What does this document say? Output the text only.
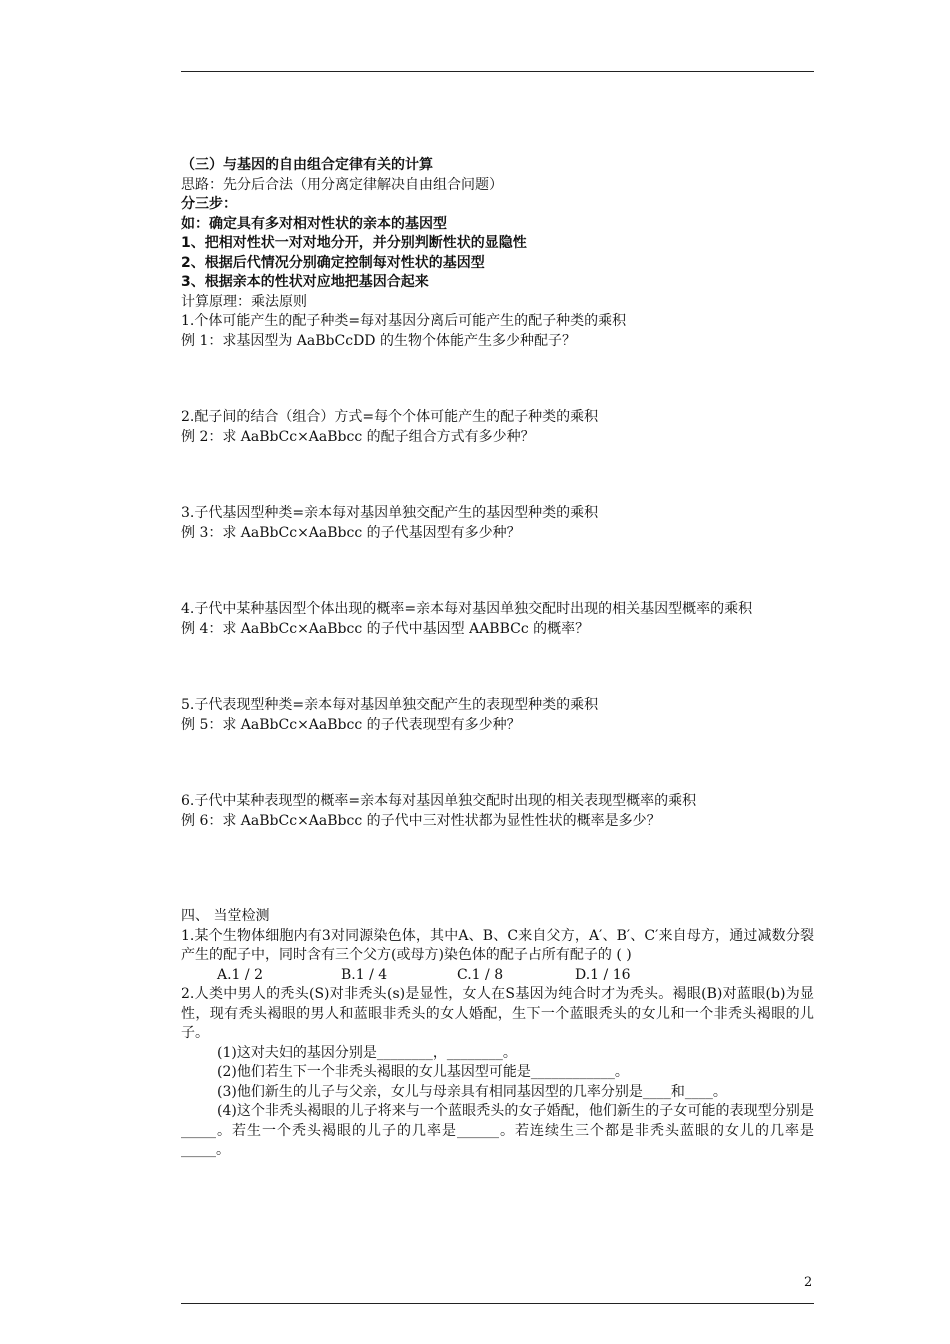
（三）与基因的自由组合定律有关的计算
思路：先分后合法（用分离定律解决自由组合问题）
分三步：
如：确定具有多对相对性状的亲本的基因型
1、把相对性状一对对地分开，并分别判断性状的显隐性
2、根据后代情况分别确定控制每对性状的基因型
3、根据亲本的性状对应地把基因合起来
计算原理：乘法原则
1.个体可能产生的配子种类=每对基因分离后可能产生的配子种类的乘积
例 1：求基因型为 AaBbCcDD 的生物个体能产生多少种配子？
2.配子间的结合（组合）方式=每个个体可能产生的配子种类的乘积
例 2：求 AaBbCc×AaBbcc 的配子组合方式有多少种？
3.子代基因型种类=亲本每对基因单独交配产生的基因型种类的乘积
例 3：求 AaBbCc×AaBbcc 的子代基因型有多少种？
4.子代中某种基因型个体出现的概率=亲本每对基因单独交配时出现的相关基因型概率的乘积
例 4：求 AaBbCc×AaBbcc 的子代中基因型 AABBCc 的概率？
5.子代表现型种类=亲本每对基因单独交配产生的表现型种类的乘积
例 5：求 AaBbCc×AaBbcc 的子代表现型有多少种？
6.子代中某种表现型的概率=亲本每对基因单独交配时出现的相关表现型概率的乘积
例 6：求 AaBbCc×AaBbcc 的子代中三对性状都为显性性状的概率是多少？
四、 当堂检测
1.某个生物体细胞内有3对同源染色体，其中A、B、C来自父方，A′、B′、C′来自母方，通过减数分裂产生的配子中，同时含有三个父方(或母方)染色体的配子占所有配子的 ( )
A.1 / 2	B.1 / 4	C.1 / 8	D.1 / 16
2.人类中男人的秃头(S)对非秃头(s)是显性，女人在S基因为纯合时才为秃头。褐眼(B)对蓝眼(b)为显性，现有秃头褐眼的男人和蓝眼非秃头的女人婚配，生下一个蓝眼秃头的女儿和一个非秃头褐眼的儿子。
(1)这对夫妇的基因分别是________，________。
(2)他们若生下一个非秃头褐眼的女儿基因型可能是____________。
(3)他们新生的儿子与父亲，女儿与母亲具有相同基因型的几率分别是____和____。
(4)这个非秃头褐眼的儿子将来与一个蓝眼秃头的女子婚配，他们新生的子女可能的表现型分别是_____。若生一个秃头褐眼的儿子的几率是______。若连续生三个都是非秃头蓝眼的女儿的几率是_____。
2
